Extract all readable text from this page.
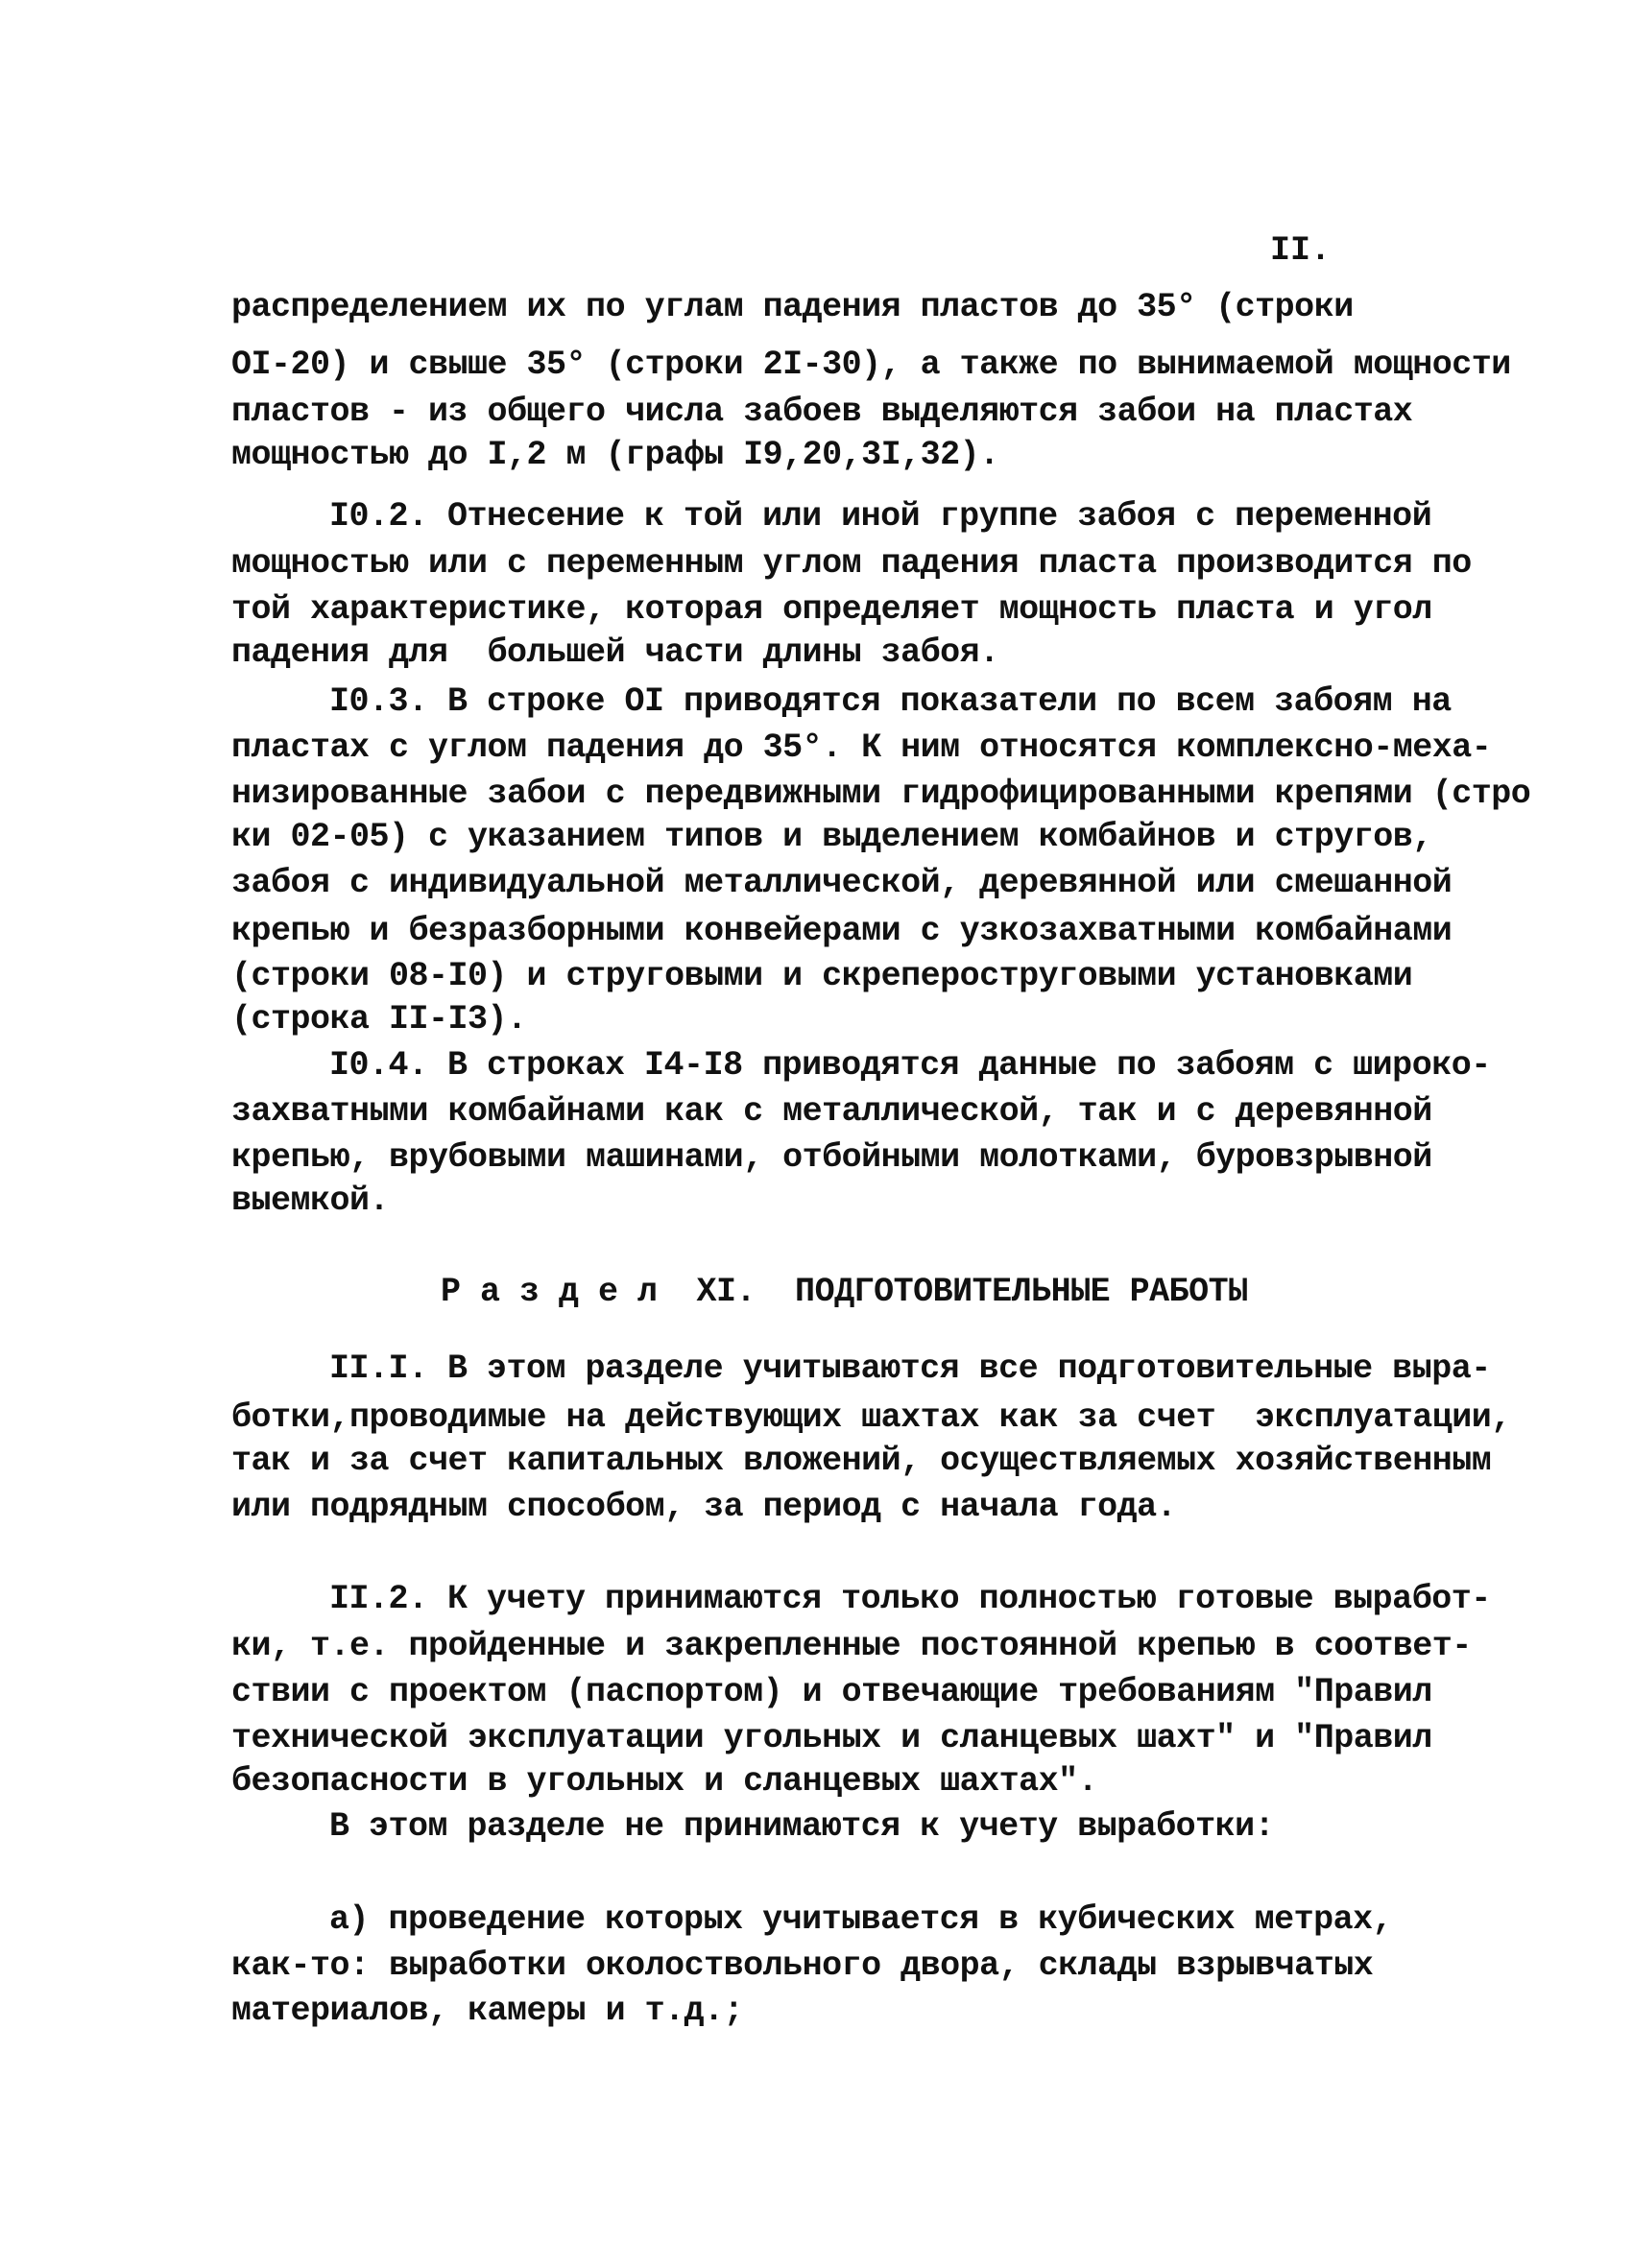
II.
распределением их по углам падения пластов до 35° (строки
OI-20) и свыше 35° (строки 2I-30), а также по вынимаемой мощности
пластов - из общего числа забоев выделяются забои на пластах
мощностью до I,2 м (графы I9,20,3I,32).
I0.2. Отнесение к той или иной группе забоя с переменной
мощностью или с переменным углом падения пласта производится по
той характеристике, которая определяет мощность пласта и угол
падения для  большей части длины забоя.
I0.3. В строке OI приводятся показатели по всем забоям на
пластах с углом падения до 35°. К ним относятся комплексно-меха-
низированные забои с передвижными гидрофицированными крепями (стро
ки 02-05) с указанием типов и выделением комбайнов и стругов,
забоя с индивидуальной металлической, деревянной или смешанной
крепью и безразборными конвейерами с узкозахватными комбайнами
(строки 08-I0) и струговыми и скрепероструговыми установками
(строка II-I3).
I0.4. В строках I4-I8 приводятся данные по забоям с широко-
захватными комбайнами как с металлической, так и с деревянной
крепью, врубовыми машинами, отбойными молотками, буровзрывной
выемкой.
Р а з д е л  XI.  ПОДГОТОВИТЕЛЬНЫЕ РАБОТЫ
II.I. В этом разделе учитываются все подготовительные выра-
ботки,проводимые на действующих шахтах как за счет  эксплуатации,
так и за счет капитальных вложений, осуществляемых хозяйственным
или подрядным способом, за период с начала года.
II.2. К учету принимаются только полностью готовые выработ-
ки, т.е. пройденные и закрепленные постоянной крепью в соответ-
ствии с проектом (паспортом) и отвечающие требованиям "Правил
технической эксплуатации угольных и сланцевых шахт" и "Правил
безопасности в угольных и сланцевых шахтах".
В этом разделе не принимаются к учету выработки:
а) проведение которых учитывается в кубических метрах,
как-то: выработки околоствольного двора, склады взрывчатых
материалов, камеры и т.д.;
